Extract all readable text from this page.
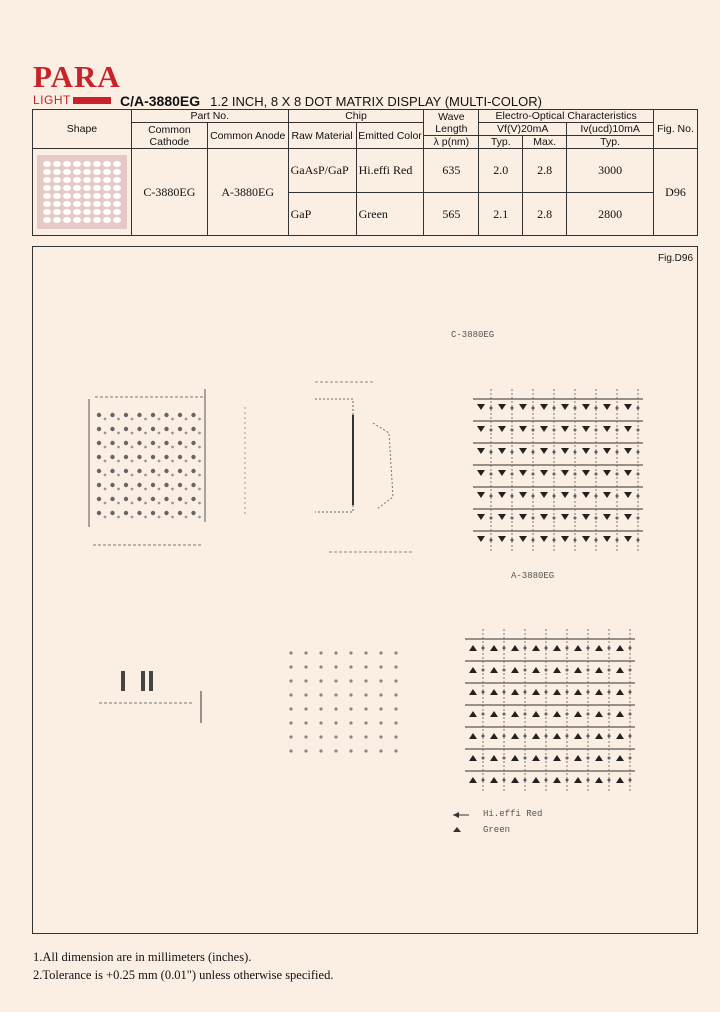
PARA
LIGHT	C/A-3880EG 1.2 INCH, 8 X 8 DOT MATRIX DISPLAY (MULTI-COLOR)
Shape	Part No.		Chip		Wave Length	Electro-Optical Characteristics			Fig. No.
	Common Cathode	Common Anode	Raw Material	Emitted Color		Vf(V)20mA		Iv(ucd)10mA	
					λ p(nm)	Typ.	Max.	Typ.	

	C-3880EG	A-3880EG	GaAsP/GaP	Hi.effi Red	635	2.0	2.8	3000	D96
			GaP	Green	565	2.1	2.8	2800	
Fig.D96
C-3880EG
A-3880EG
Hi.effi Red
Green
1.All dimension are in millimeters (inches).
2.Tolerance is +0.25 mm (0.01") unless otherwise specified.
